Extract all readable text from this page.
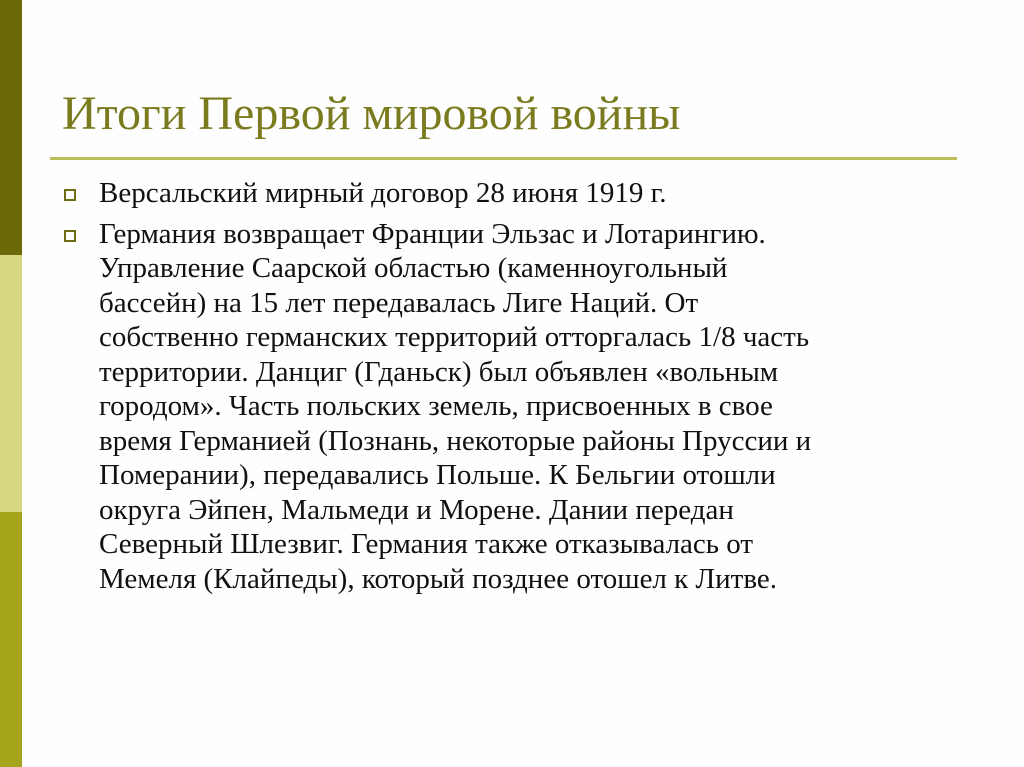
Итоги Первой мировой войны
Версальский мирный договор 28 июня 1919 г.
Германия возвращает Франции Эльзас и Лотарингию.
Управление Саарской областью (каменноугольный
бассейн) на 15 лет передавалась Лиге Наций. От
собственно германских территорий отторгалась 1/8 часть
территории. Данциг (Гданьск) был объявлен «вольным
городом». Часть польских земель, присвоенных в свое
время Германией (Познань, некоторые районы Пруссии и
Померании), передавались Польше. К Бельгии отошли
округа Эйпен, Мальмеди и Морене. Дании передан
Северный Шлезвиг. Германия также отказывалась от
Мемеля (Клайпеды), который позднее отошел к Литве.
